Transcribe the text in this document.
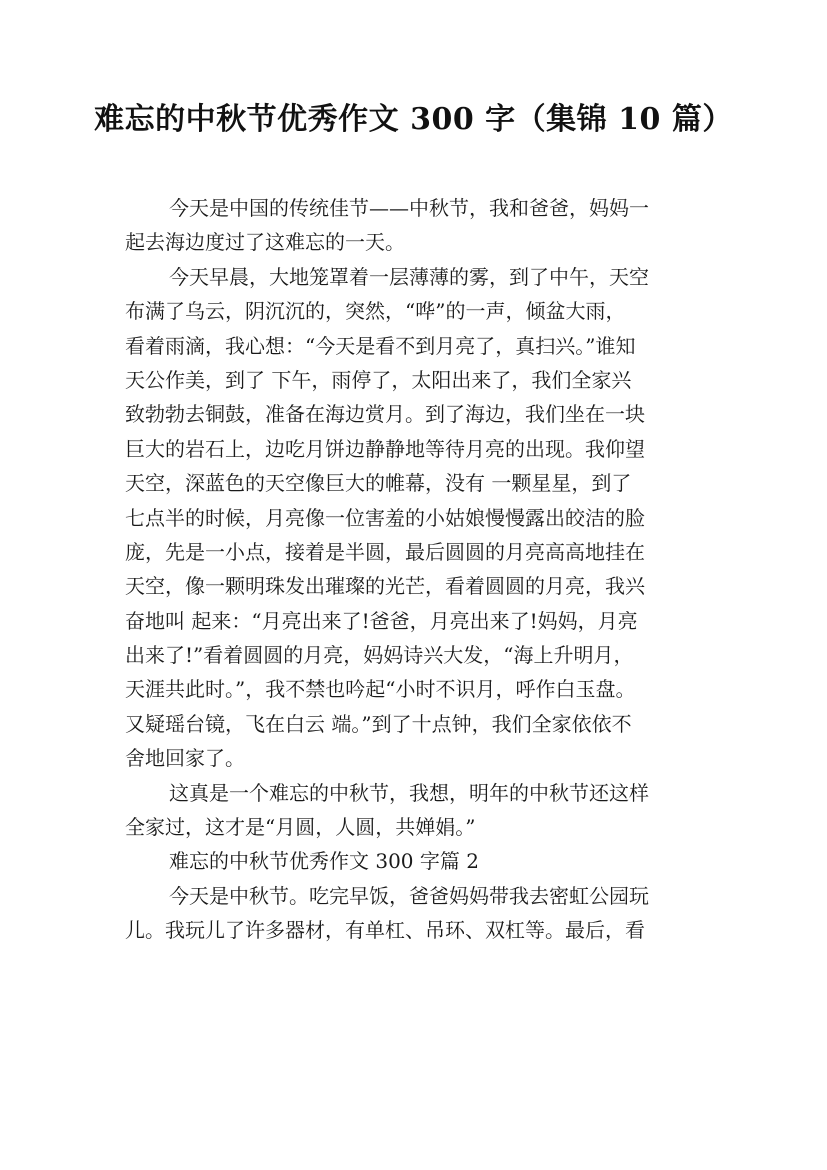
难忘的中秋节优秀作文 300 字（集锦 10 篇）
今天是中国的传统佳节——中秋节，我和爸爸，妈妈一
起去海边度过了这难忘的一天。
今天早晨，大地笼罩着一层薄薄的雾，到了中午，天空
布满了乌云，阴沉沉的，突然，“哗”的一声，倾盆大雨，
看着雨滴，我心想：“今天是看不到月亮了，真扫兴。”谁知
天公作美，到了 下午，雨停了，太阳出来了，我们全家兴
致勃勃去铜鼓，准备在海边赏月。到了海边，我们坐在一块
巨大的岩石上，边吃月饼边静静地等待月亮的出现。我仰望
天空，深蓝色的天空像巨大的帷幕，没有 一颗星星，到了
七点半的时候，月亮像一位害羞的小姑娘慢慢露出皎洁的脸
庞，先是一小点，接着是半圆，最后圆圆的月亮高高地挂在
天空，像一颗明珠发出璀璨的光芒，看着圆圆的月亮，我兴
奋地叫 起来：“月亮出来了!爸爸，月亮出来了!妈妈，月亮
出来了!”看着圆圆的月亮，妈妈诗兴大发，“海上升明月，
天涯共此时。”，我不禁也吟起“小时不识月，呼作白玉盘。
又疑瑶台镜，飞在白云 端。”到了十点钟，我们全家依依不
舍地回家了。
这真是一个难忘的中秋节，我想，明年的中秋节还这样
全家过，这才是“月圆，人圆，共婵娟。”
难忘的中秋节优秀作文 300 字篇 2
今天是中秋节。吃完早饭，爸爸妈妈带我去密虹公园玩
儿。我玩儿了许多器材，有单杠、吊环、双杠等。最后，看
